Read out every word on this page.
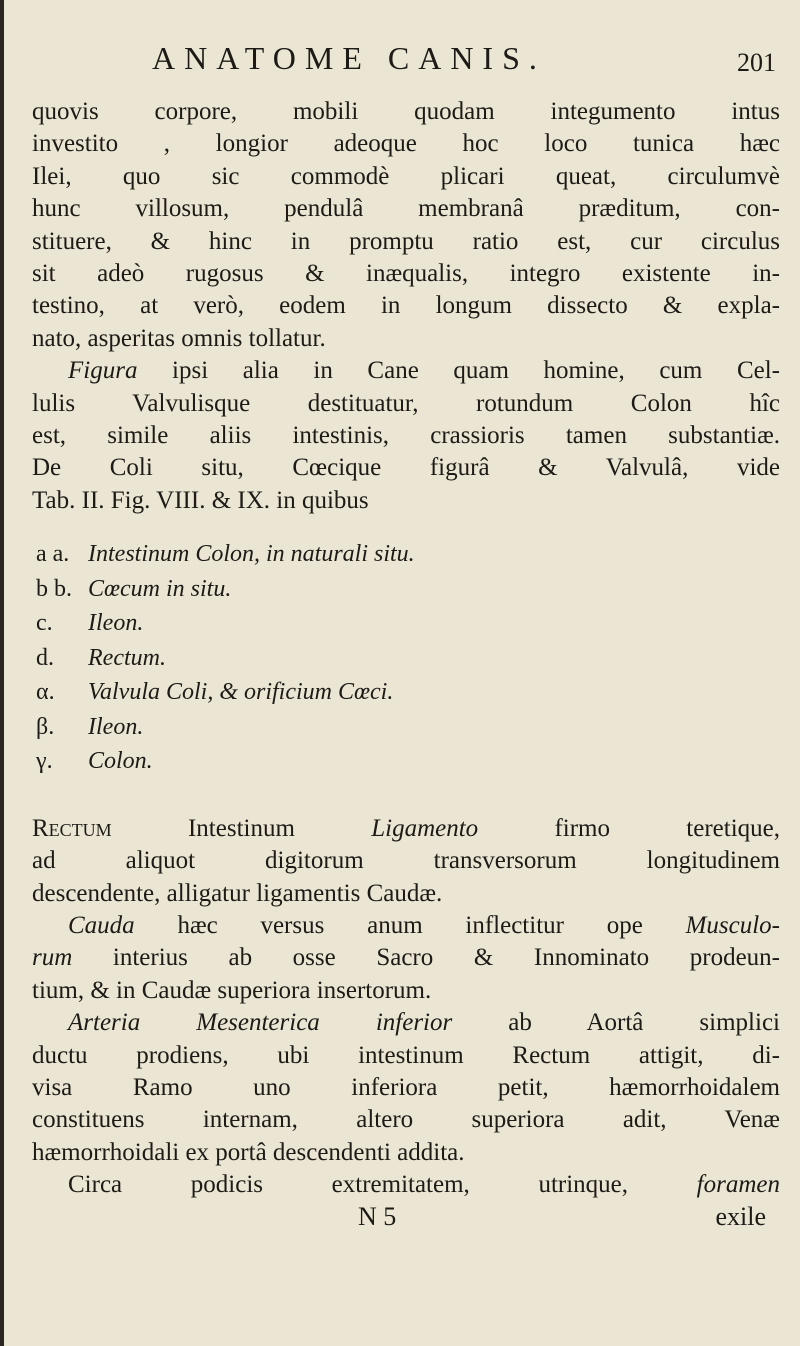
ANATOME CANIS.	201

quovis corpore, mobili quodam integumento intus
investito , longior adeoque hoc loco tunica hæc
Ilei, quo sic commodè plicari queat, circulumvè
hunc villosum, pendulâ membranâ præditum, con-
stituere, & hinc in promptu ratio est, cur circulus
sit adeò rugosus & inæqualis, integro existente in-
testino, at verò, eodem in longum dissecto & expla-
nato, asperitas omnis tollatur.

Figura ipsi alia in Cane quam homine, cum Cel-
lulis Valvulisque destituatur, rotundum Colon hîc
est, simile aliis intestinis, crassioris tamen substantiæ.
De Coli situ, Cœcique figurâ & Valvulâ, vide
Tab. II. Fig. VIII. & IX. in quibus

a a. Intestinum Colon, in naturali situ.
b b. Cœcum in situ.
c.	Ileon.
d.	Rectum.
α.	Valvula Coli, & orificium Cœci.
β.	Ileon.
γ.	Colon.

Rectum Intestinum Ligamento firmo teretique,
ad aliquot digitorum transversorum longitudinem
descendente, alligatur ligamentis Caudæ.

Cauda hæc versus anum inflectitur ope Musculo-
rum interius ab osse Sacro & Innominato prodeun-
tium, & in Caudæ superiora insertorum.

Arteria Mesenterica inferior ab Aortâ simplici
ductu prodiens, ubi intestinum Rectum attigit, di-
visa Ramo uno inferiora petit, hæmorrhoidalem
constituens internam, altero superiora adit, Venæ
hæmorrhoidali ex portâ descendenti addita.

Circa podicis extremitatem, utrinque, foramen

N 5	exile
